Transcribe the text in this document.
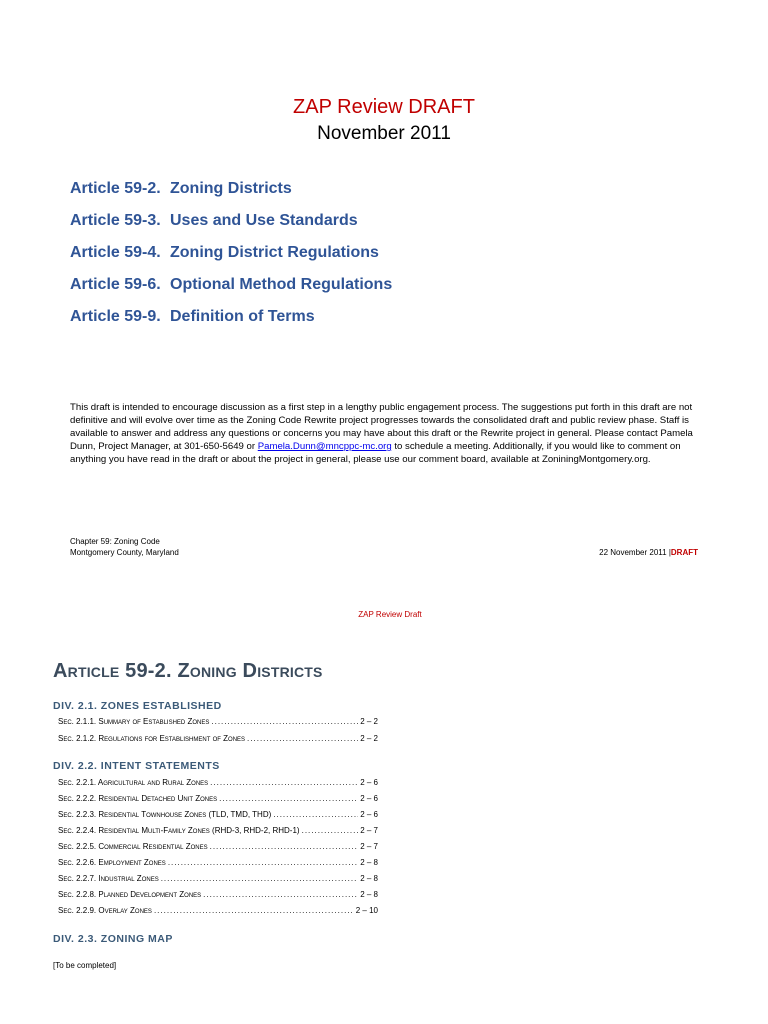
ZAP Review DRAFT
November 2011
Article 59-2. Zoning Districts
Article 59-3. Uses and Use Standards
Article 59-4. Zoning District Regulations
Article 59-6. Optional Method Regulations
Article 59-9. Definition of Terms
This draft is intended to encourage discussion as a first step in a lengthy public engagement process. The suggestions put forth in this draft are not definitive and will evolve over time as the Zoning Code Rewrite project progresses towards the consolidated draft and public review phase. Staff is available to answer and address any questions or concerns you may have about this draft or the Rewrite project in general. Please contact Pamela Dunn, Project Manager, at 301-650-5649 or Pamela.Dunn@mncppc-mc.org to schedule a meeting. Additionally, if you would like to comment on anything you have read in the draft or about the project in general, please use our comment board, available at ZoniningMontgomery.org.
Chapter 59: Zoning Code
Montgomery County, Maryland	22 November 2011 |DRAFT
ZAP Review Draft
Article 59-2. Zoning Districts
DIV. 2.1. ZONES ESTABLISHED
Sec. 2.1.1. Summary of Established Zones .....	2 – 2
Sec. 2.1.2. Regulations for Establishment of Zones .....	2 – 2
DIV. 2.2. INTENT STATEMENTS
Sec. 2.2.1. Agricultural and Rural Zones .....	2 – 6
Sec. 2.2.2. Residential Detached Unit Zones .....	2 – 6
Sec. 2.2.3. Residential Townhouse Zones (TLD, TMD, THD) .....	2 – 6
Sec. 2.2.4. Residential Multi-Family Zones (RHD-3, RHD-2, RHD-1) .....	2 – 7
Sec. 2.2.5. Commercial Residential Zones .....	2 – 7
Sec. 2.2.6. Employment Zones .....	2 – 8
Sec. 2.2.7. Industrial Zones .....	2 – 8
Sec. 2.2.8. Planned Development Zones .....	2 – 8
Sec. 2.2.9. Overlay Zones .....	2 – 10
DIV. 2.3. ZONING MAP
[To be completed]
